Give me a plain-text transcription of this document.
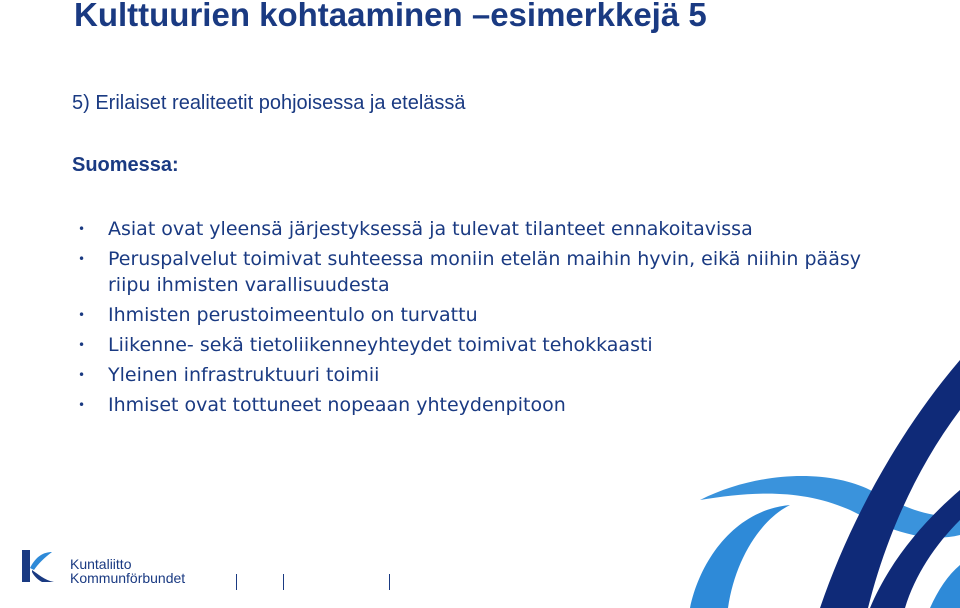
Kulttuurien kohtaaminen –esimerkkejä 5
5) Erilaiset realiteetit pohjoisessa ja etelässä
Suomessa:
• Asiat ovat yleensä järjestyksessä ja tulevat tilanteet ennakoitavissa
• Peruspalvelut toimivat suhteessa moniin etelän maihin hyvin, eikä niihin pääsy riipu ihmisten varallisuudesta
• Ihmisten perustoimeentulo on turvattu
• Liikenne- sekä tietoliikenneyhteydet toimivat tehokkaasti
• Yleinen infrastruktuuri toimii
• Ihmiset ovat tottuneet nopeaan yhteydenpitoon
Kuntaliitto
Kommunförbundet
